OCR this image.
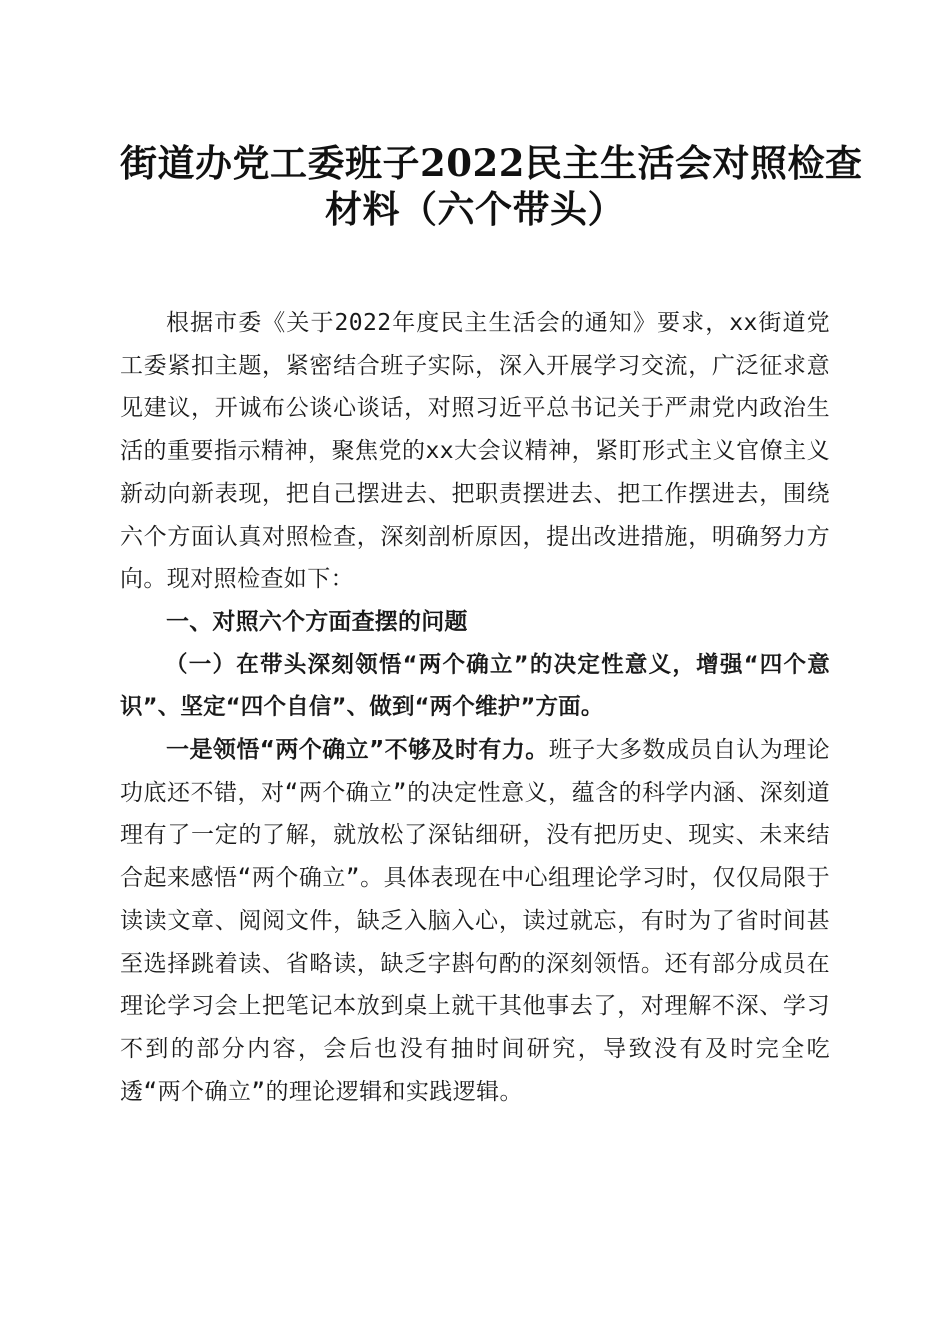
街道办党工委班子2022民主生活会对照检查
材料（六个带头）

根据市委《关于2022年度民主生活会的通知》要求，xx街道党工委紧扣主题，紧密结合班子实际，深入开展学习交流，广泛征求意见建议，开诚布公谈心谈话，对照习近平总书记关于严肃党内政治生活的重要指示精神，聚焦党的xx大会议精神，紧盯形式主义官僚主义新动向新表现，把自己摆进去、把职责摆进去、把工作摆进去，围绕六个方面认真对照检查，深刻剖析原因，提出改进措施，明确努力方向。现对照检查如下：

一、对照六个方面查摆的问题

（一）在带头深刻领悟“两个确立”的决定性意义，增强“四个意识”、坚定“四个自信”、做到“两个维护”方面。

一是领悟“两个确立”不够及时有力。班子大多数成员自认为理论功底还不错，对“两个确立”的决定性意义，蕴含的科学内涵、深刻道理有了一定的了解，就放松了深钻细研，没有把历史、现实、未来结合起来感悟“两个确立”。具体表现在中心组理论学习时，仅仅局限于读读文章、阅阅文件，缺乏入脑入心，读过就忘，有时为了省时间甚至选择跳着读、省略读，缺乏字斟句酌的深刻领悟。还有部分成员在理论学习会上把笔记本放到桌上就干其他事去了，对理解不深、学习不到的部分内容，会后也没有抽时间研究，导致没有及时完全吃透“两个确立”的理论逻辑和实践逻辑。
